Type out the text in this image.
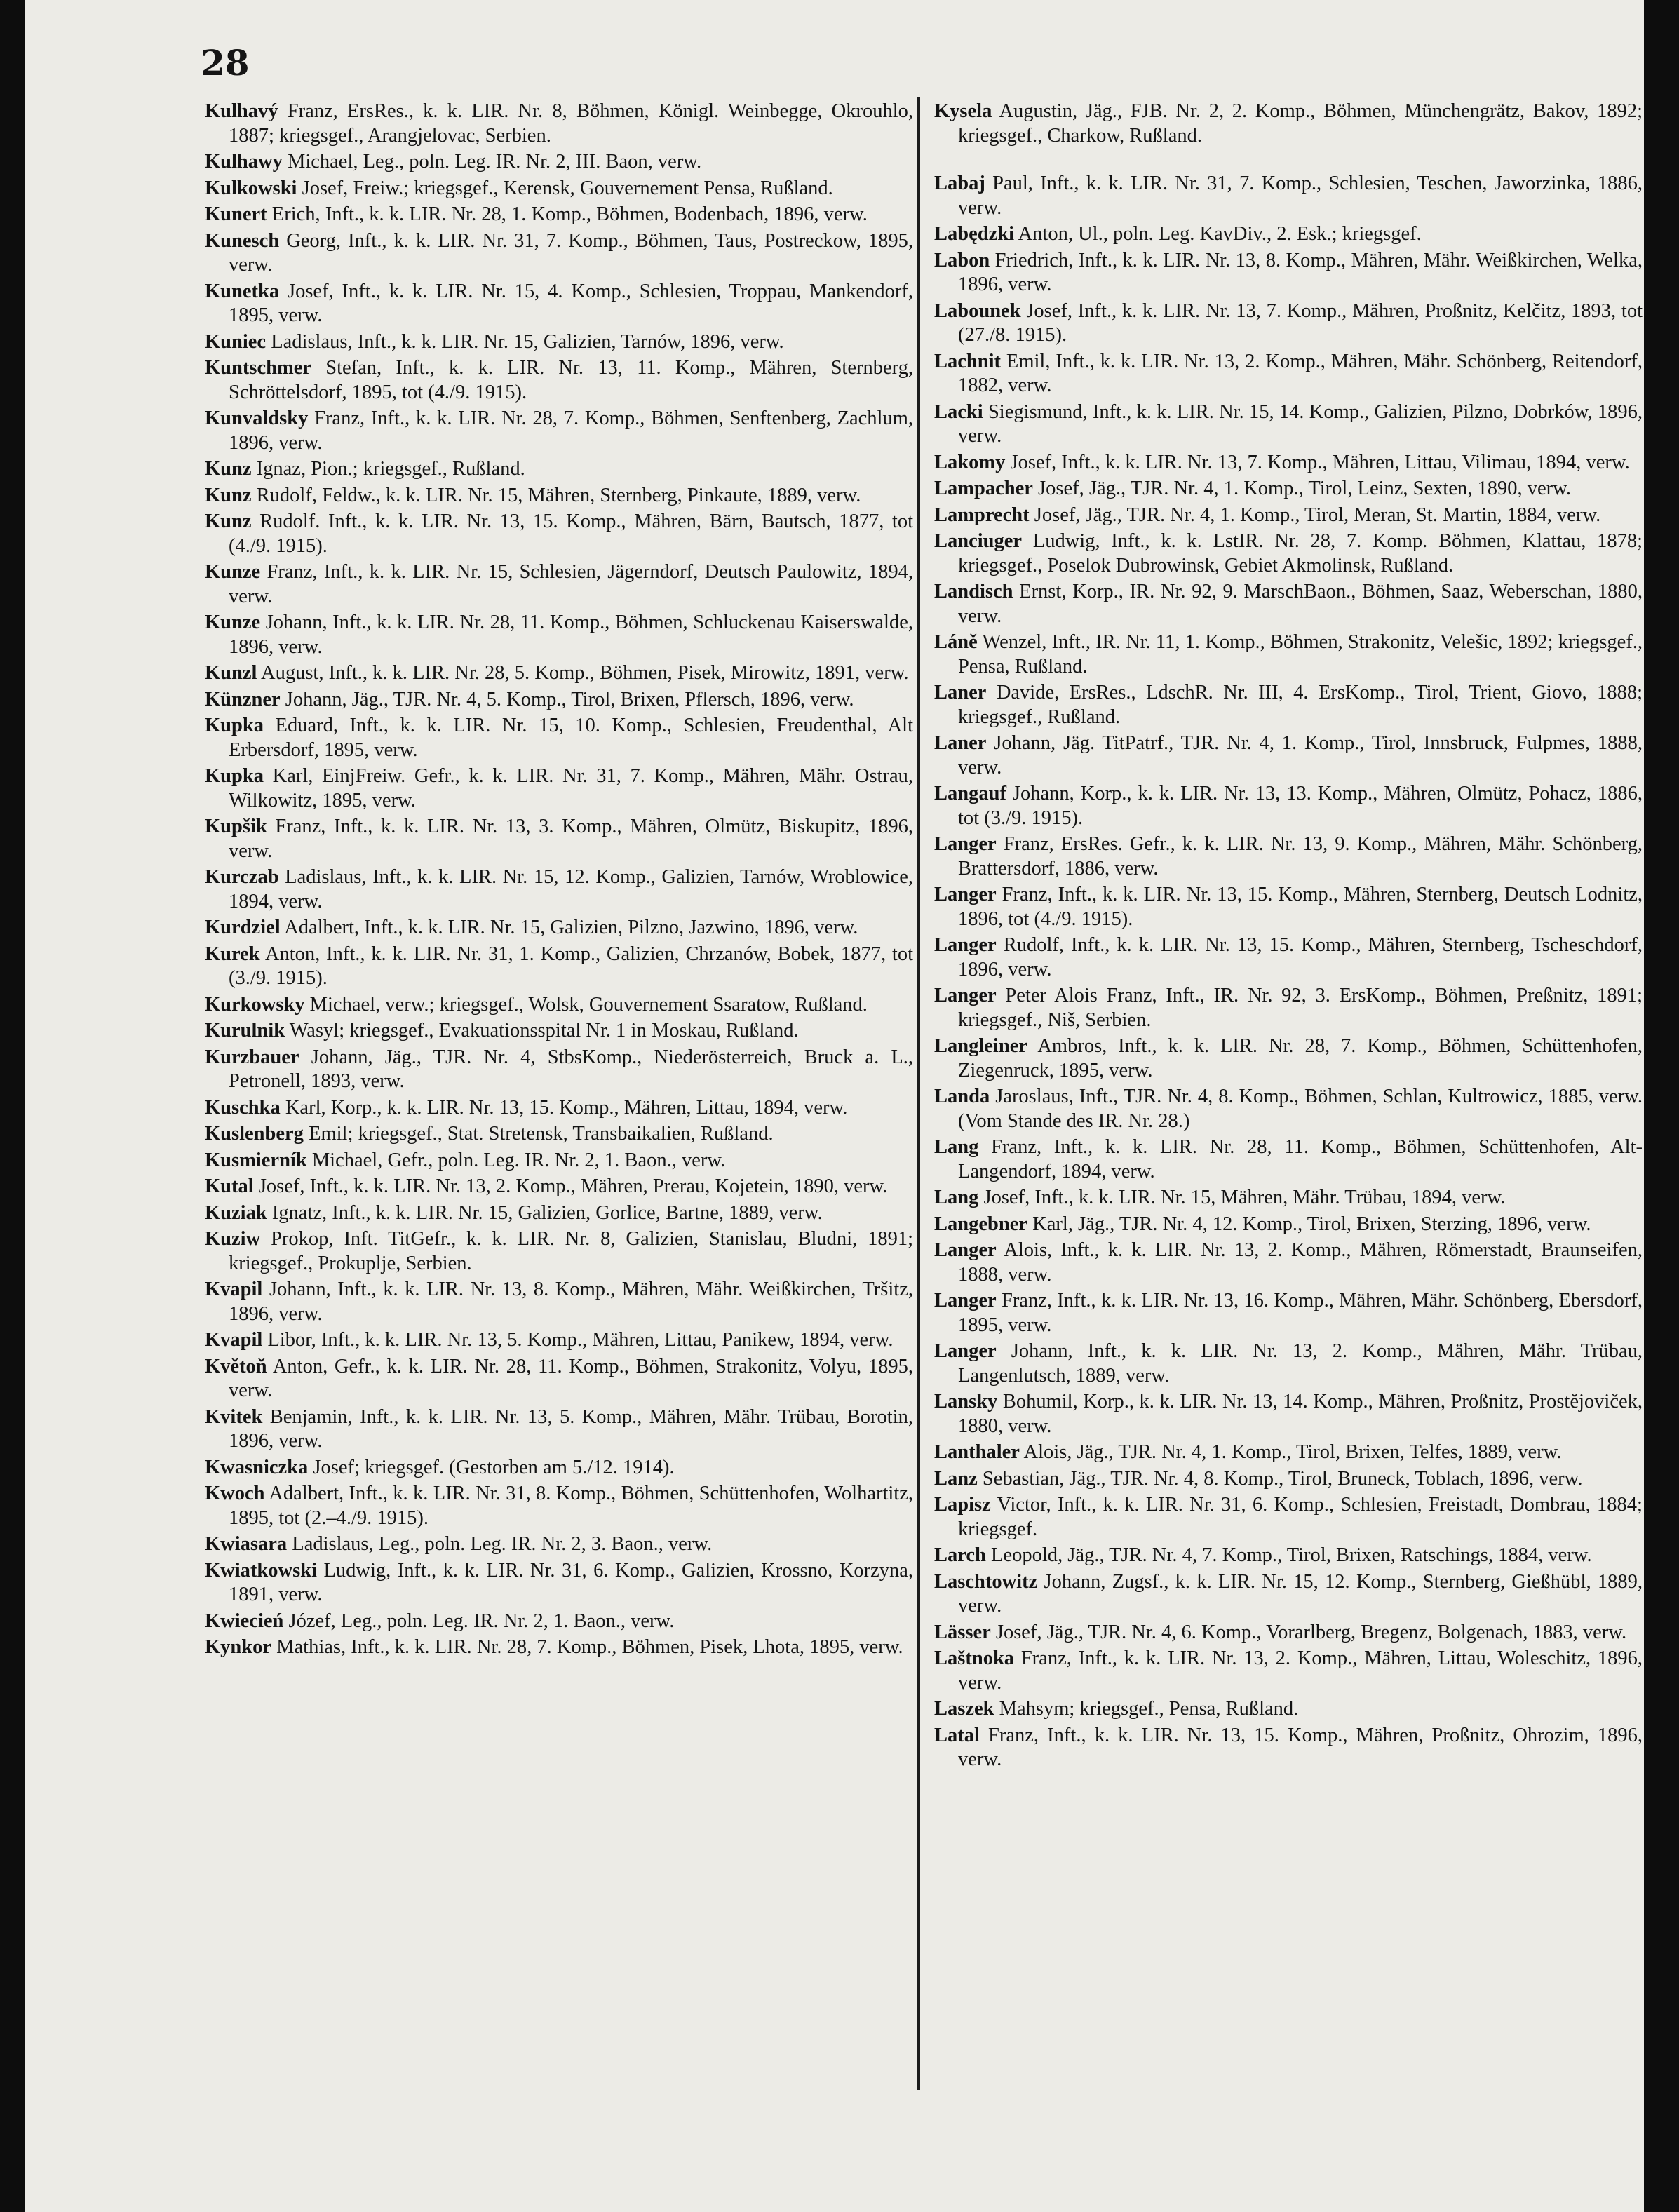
28

Kulhavý Franz, ErsRes., k. k. LIR. Nr. 8, Böhmen, Königl. Weinbegge, Okrouhlo, 1887; kriegsgef., Arangjelovac, Serbien.

Kulhawy Michael, Leg., poln. Leg. IR. Nr. 2, III. Baon, verw.

Kulkowski Josef, Freiw.; kriegsgef., Kerensk, Gouvernement Pensa, Rußland.

Kunert Erich, Inft., k. k. LIR. Nr. 28, 1. Komp., Böhmen, Bodenbach, 1896, verw.

Kunesch Georg, Inft., k. k. LIR. Nr. 31, 7. Komp., Böhmen, Taus, Postreckow, 1895, verw.

Kunetka Josef, Inft., k. k. LIR. Nr. 15, 4. Komp., Schlesien, Troppau, Mankendorf, 1895, verw.

Kuniec Ladislaus, Inft., k. k. LIR. Nr. 15, Galizien, Tarnów, 1896, verw.

Kuntschmer Stefan, Inft., k. k. LIR. Nr. 13, 11. Komp., Mähren, Sternberg, Schröttelsdorf, 1895, tot (4./9. 1915).

Kunvaldsky Franz, Inft., k. k. LIR. Nr. 28, 7. Komp., Böhmen, Senftenberg, Zachlum, 1896, verw.

Kunz Ignaz, Pion.; kriegsgef., Rußland.

Kunz Rudolf, Feldw., k. k. LIR. Nr. 15, Mähren, Sternberg, Pinkaute, 1889, verw.

Kunz Rudolf. Inft., k. k. LIR. Nr. 13, 15. Komp., Mähren, Bärn, Bautsch, 1877, tot (4./9. 1915).

Kunze Franz, Inft., k. k. LIR. Nr. 15, Schlesien, Jägerndorf, Deutsch Paulowitz, 1894, verw.

Kunze Johann, Inft., k. k. LIR. Nr. 28, 11. Komp., Böhmen, Schluckenau Kaiserswalde, 1896, verw.

Kunzl August, Inft., k. k. LIR. Nr. 28, 5. Komp., Böhmen, Pisek, Mirowitz, 1891, verw.

Künzner Johann, Jäg., TJR. Nr. 4, 5. Komp., Tirol, Brixen, Pflersch, 1896, verw.

Kupka Eduard, Inft., k. k. LIR. Nr. 15, 10. Komp., Schlesien, Freudenthal, Alt Erbersdorf, 1895, verw.

Kupka Karl, EinjFreiw. Gefr., k. k. LIR. Nr. 31, 7. Komp., Mähren, Mähr. Ostrau, Wilkowitz, 1895, verw.

Kupšik Franz, Inft., k. k. LIR. Nr. 13, 3. Komp., Mähren, Olmütz, Biskupitz, 1896, verw.

Kurczab Ladislaus, Inft., k. k. LIR. Nr. 15, 12. Komp., Galizien, Tarnów, Wroblowice, 1894, verw.

Kurdziel Adalbert, Inft., k. k. LIR. Nr. 15, Galizien, Pilzno, Jazwino, 1896, verw.

Kurek Anton, Inft., k. k. LIR. Nr. 31, 1. Komp., Galizien, Chrzanów, Bobek, 1877, tot (3./9. 1915).

Kurkowsky Michael, verw.; kriegsgef., Wolsk, Gouvernement Ssaratow, Rußland.

Kurulnik Wasyl; kriegsgef., Evakuationsspital Nr. 1 in Moskau, Rußland.

Kurzbauer Johann, Jäg., TJR. Nr. 4, StbsKomp., Niederösterreich, Bruck a. L., Petronell, 1893, verw.

Kuschka Karl, Korp., k. k. LIR. Nr. 13, 15. Komp., Mähren, Littau, 1894, verw.

Kuslenberg Emil; kriegsgef., Stat. Stretensk, Transbaikalien, Rußland.

Kusmierník Michael, Gefr., poln. Leg. IR. Nr. 2, 1. Baon., verw.

Kutal Josef, Inft., k. k. LIR. Nr. 13, 2. Komp., Mähren, Prerau, Kojetein, 1890, verw.

Kuziak Ignatz, Inft., k. k. LIR. Nr. 15, Galizien, Gorlice, Bartne, 1889, verw.

Kuziw Prokop, Inft. TitGefr., k. k. LIR. Nr. 8, Galizien, Stanislau, Bludni, 1891; kriegsgef., Prokuplje, Serbien.

Kvapil Johann, Inft., k. k. LIR. Nr. 13, 8. Komp., Mähren, Mähr. Weißkirchen, Tršitz, 1896, verw.

Kvapil Libor, Inft., k. k. LIR. Nr. 13, 5. Komp., Mähren, Littau, Panikew, 1894, verw.

Květoň Anton, Gefr., k. k. LIR. Nr. 28, 11. Komp., Böhmen, Strakonitz, Volyu, 1895, verw.

Kvitek Benjamin, Inft., k. k. LIR. Nr. 13, 5. Komp., Mähren, Mähr. Trübau, Borotin, 1896, verw.

Kwasniczka Josef; kriegsgef. (Gestorben am 5./12. 1914).

Kwoch Adalbert, Inft., k. k. LIR. Nr. 31, 8. Komp., Böhmen, Schüttenhofen, Wolhartitz, 1895, tot (2.–4./9. 1915).

Kwiasara Ladislaus, Leg., poln. Leg. IR. Nr. 2, 3. Baon., verw.

Kwiatkowski Ludwig, Inft., k. k. LIR. Nr. 31, 6. Komp., Galizien, Krossno, Korzyna, 1891, verw.

Kwiecień Józef, Leg., poln. Leg. IR. Nr. 2, 1. Baon., verw.

Kynkor Mathias, Inft., k. k. LIR. Nr. 28, 7. Komp., Böhmen, Pisek, Lhota, 1895, verw.

Kysela Augustin, Jäg., FJB. Nr. 2, 2. Komp., Böhmen, Münchengrätz, Bakov, 1892; kriegsgef., Charkow, Rußland.

Labaj Paul, Inft., k. k. LIR. Nr. 31, 7. Komp., Schlesien, Teschen, Jaworzinka, 1886, verw.

Labędzki Anton, Ul., poln. Leg. KavDiv., 2. Esk.; kriegsgef.

Labon Friedrich, Inft., k. k. LIR. Nr. 13, 8. Komp., Mähren, Mähr. Weißkirchen, Welka, 1896, verw.

Labounek Josef, Inft., k. k. LIR. Nr. 13, 7. Komp., Mähren, Proßnitz, Kelčitz, 1893, tot (27./8. 1915).

Lachnit Emil, Inft., k. k. LIR. Nr. 13, 2. Komp., Mähren, Mähr. Schönberg, Reitendorf, 1882, verw.

Lacki Siegismund, Inft., k. k. LIR. Nr. 15, 14. Komp., Galizien, Pilzno, Dobrków, 1896, verw.

Lakomy Josef, Inft., k. k. LIR. Nr. 13, 7. Komp., Mähren, Littau, Vilimau, 1894, verw.

Lampacher Josef, Jäg., TJR. Nr. 4, 1. Komp., Tirol, Leinz, Sexten, 1890, verw.

Lamprecht Josef, Jäg., TJR. Nr. 4, 1. Komp., Tirol, Meran, St. Martin, 1884, verw.

Lanciuger Ludwig, Inft., k. k. LstIR. Nr. 28, 7. Komp. Böhmen, Klattau, 1878; kriegsgef., Poselok Dubrowinsk, Gebiet Akmolinsk, Rußland.

Landisch Ernst, Korp., IR. Nr. 92, 9. MarschBaon., Böhmen, Saaz, Weberschan, 1880, verw.

Láně Wenzel, Inft., IR. Nr. 11, 1. Komp., Böhmen, Strakonitz, Velešic, 1892; kriegsgef., Pensa, Rußland.

Laner Davide, ErsRes., LdschR. Nr. III, 4. ErsKomp., Tirol, Trient, Giovo, 1888; kriegsgef., Rußland.

Laner Johann, Jäg. TitPatrf., TJR. Nr. 4, 1. Komp., Tirol, Innsbruck, Fulpmes, 1888, verw.

Langauf Johann, Korp., k. k. LIR. Nr. 13, 13. Komp., Mähren, Olmütz, Pohacz, 1886, tot (3./9. 1915).

Langer Franz, ErsRes. Gefr., k. k. LIR. Nr. 13, 9. Komp., Mähren, Mähr. Schönberg, Brattersdorf, 1886, verw.

Langer Franz, Inft., k. k. LIR. Nr. 13, 15. Komp., Mähren, Sternberg, Deutsch Lodnitz, 1896, tot (4./9. 1915).

Langer Rudolf, Inft., k. k. LIR. Nr. 13, 15. Komp., Mähren, Sternberg, Tscheschdorf, 1896, verw.

Langer Peter Alois Franz, Inft., IR. Nr. 92, 3. ErsKomp., Böhmen, Preßnitz, 1891; kriegsgef., Niš, Serbien.

Langleiner Ambros, Inft., k. k. LIR. Nr. 28, 7. Komp., Böhmen, Schüttenhofen, Ziegenruck, 1895, verw.

Landa Jaroslaus, Inft., TJR. Nr. 4, 8. Komp., Böhmen, Schlan, Kultrowicz, 1885, verw. (Vom Stande des IR. Nr. 28.)

Lang Franz, Inft., k. k. LIR. Nr. 28, 11. Komp., Böhmen, Schüttenhofen, Alt-Langendorf, 1894, verw.

Lang Josef, Inft., k. k. LIR. Nr. 15, Mähren, Mähr. Trübau, 1894, verw.

Langebner Karl, Jäg., TJR. Nr. 4, 12. Komp., Tirol, Brixen, Sterzing, 1896, verw.

Langer Alois, Inft., k. k. LIR. Nr. 13, 2. Komp., Mähren, Römerstadt, Braunseifen, 1888, verw.

Langer Franz, Inft., k. k. LIR. Nr. 13, 16. Komp., Mähren, Mähr. Schönberg, Ebersdorf, 1895, verw.

Langer Johann, Inft., k. k. LIR. Nr. 13, 2. Komp., Mähren, Mähr. Trübau, Langenlutsch, 1889, verw.

Lansky Bohumil, Korp., k. k. LIR. Nr. 13, 14. Komp., Mähren, Proßnitz, Prostějoviček, 1880, verw.

Lanthaler Alois, Jäg., TJR. Nr. 4, 1. Komp., Tirol, Brixen, Telfes, 1889, verw.

Lanz Sebastian, Jäg., TJR. Nr. 4, 8. Komp., Tirol, Bruneck, Toblach, 1896, verw.

Lapisz Victor, Inft., k. k. LIR. Nr. 31, 6. Komp., Schlesien, Freistadt, Dombrau, 1884; kriegsgef.

Larch Leopold, Jäg., TJR. Nr. 4, 7. Komp., Tirol, Brixen, Ratschings, 1884, verw.

Laschtowitz Johann, Zugsf., k. k. LIR. Nr. 15, 12. Komp., Sternberg, Gießhübl, 1889, verw.

Lässer Josef, Jäg., TJR. Nr. 4, 6. Komp., Vorarlberg, Bregenz, Bolgenach, 1883, verw.

Laštnoka Franz, Inft., k. k. LIR. Nr. 13, 2. Komp., Mähren, Littau, Woleschitz, 1896, verw.

Laszek Mahsym; kriegsgef., Pensa, Rußland.

Latal Franz, Inft., k. k. LIR. Nr. 13, 15. Komp., Mähren, Proßnitz, Ohrozim, 1896, verw.
